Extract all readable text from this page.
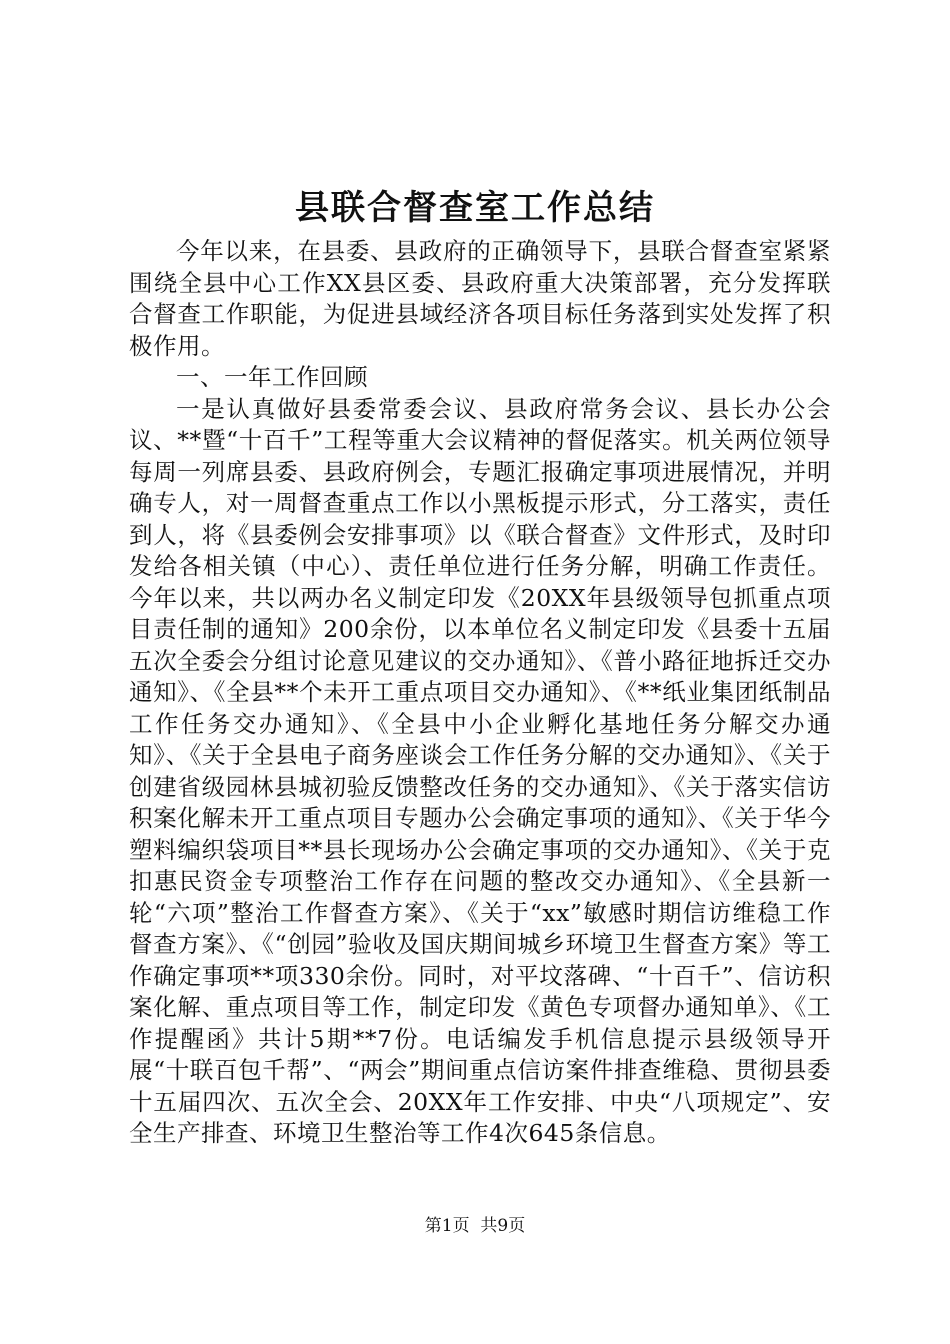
县联合督查室工作总结

今年以来，在县委、县政府的正确领导下，县联合督查室紧紧围绕全县中心工作XX县区委、县政府重大决策部署，充分发挥联合督查工作职能，为促进县域经济各项目标任务落到实处发挥了积极作用。

一、一年工作回顾

一是认真做好县委常委会议、县政府常务会议、县长办公会议、**暨“十百千”工程等重大会议精神的督促落实。机关两位领导每周一列席县委、县政府例会，专题汇报确定事项进展情况，并明确专人，对一周督查重点工作以小黑板提示形式，分工落实，责任到人，将《县委例会安排事项》以《联合督查》文件形式，及时印发给各相关镇（中心）、责任单位进行任务分解，明确工作责任。今年以来，共以两办名义制定印发《20XX年县级领导包抓重点项目责任制的通知》200余份，以本单位名义制定印发《县委十五届五次全委会分组讨论意见建议的交办通知》、《普小路征地拆迁交办通知》、《全县**个未开工重点项目交办通知》、《**纸业集团纸制品工作任务交办通知》、《全县中小企业孵化基地任务分解交办通知》、《关于全县电子商务座谈会工作任务分解的交办通知》、《关于创建省级园林县城初验反馈整改任务的交办通知》、《关于落实信访积案化解未开工重点项目专题办公会确定事项的通知》、《关于华今塑料编织袋项目**县长现场办公会确定事项的交办通知》、《关于克扣惠民资金专项整治工作存在问题的整改交办通知》、《全县新一轮“六项”整治工作督查方案》、《关于“xx”敏感时期信访维稳工作督查方案》、《“创园”验收及国庆期间城乡环境卫生督查方案》等工作确定事项**项330余份。同时，对平坟落碑、“十百千”、信访积案化解、重点项目等工作，制定印发《黄色专项督办通知单》、《工作提醒函》共计5期**7份。电话编发手机信息提示县级领导开展“十联百包千帮”、“两会”期间重点信访案件排查维稳、贯彻县委十五届四次、五次全会、20XX年工作安排、中央“八项规定”、安全生产排查、环境卫生整治等工作4次645条信息。

第1页  共9页
